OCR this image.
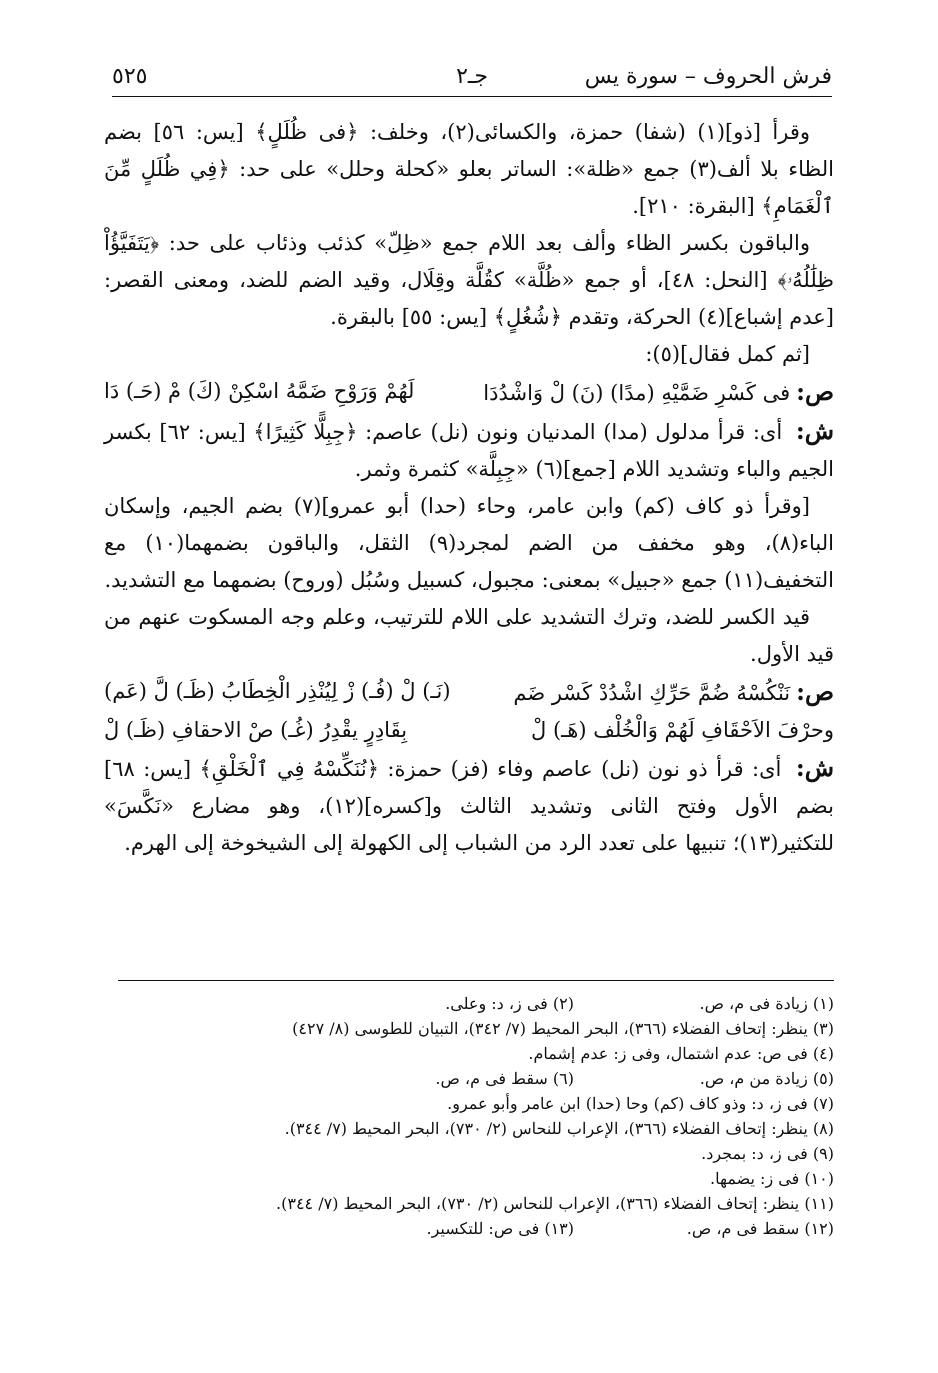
فرش الحروف – سورة يس
جـ٢
٥٢٥

وقرأ [ذو](١) (شفا) حمزة، والكسائى(٢)، وخلف: ﴿فى ظُلَلٍ﴾ [يس: ٥٦] بضم الظاء بلا ألف(٣) جمع «ظلة»: الساتر بعلو «كحلة وحلل» على حد: ﴿فِي ظُلَلٍ مِّنَ ٱلْغَمَامِ﴾ [البقرة: ٢١٠].

والباقون بكسر الظاء وألف بعد اللام جمع «ظِلّ» كذئب وذئاب على حد: ﴿يَتَفَيَّؤُاْ ظِلَٰلُهُۥ﴾ [النحل: ٤٨]، أو جمع «ظُلَّة» كقُلَّة وقِلَال، وقيد الضم للضد، ومعنى القصر: [عدم إشباع](٤) الحركة، وتقدم ﴿شُغُلٍ﴾ [يس: ٥٥] بالبقرة.

[ثم كمل فقال](٥):

ص:فى كَسْرِ ضَمَّيْهِ (مدًا) (نَ) لْ وَاشْدُدَا
لَهُمْ وَرَوْحِ ضَمَّهُ اسْكِنْ (كَ) مْ (حَـ) دَا

ش: أى: قرأ مدلول (مدا) المدنيان ونون (نل) عاصم: ﴿جِبِلًّا كَثِيرًا﴾ [يس: ٦٢] بكسر الجيم والباء وتشديد اللام [جمع](٦) «جِبِلَّة» كثمرة وثمر.

[وقرأ ذو كاف (كم) وابن عامر، وحاء (حدا) أبو عمرو](٧) بضم الجيم، وإسكان الباء(٨)، وهو مخفف من الضم لمجرد(٩) الثقل، والباقون بضمهما(١٠) مع التخفيف(١١) جمع «جبيل» بمعنى: مجبول، كسبيل وسُبُل (وروح) بضمهما مع التشديد.

قيد الكسر للضد، وترك التشديد على اللام للترتيب، وعلم وجه المسكوت عنهم من قيد الأول.

ص:نَنْكُسْهُ ضُمَّ حَرِّكِ اشْدُدْ كَسْر ضَم
(نَـ) لْ (فُـ) زْ لِيُنْذِر الْخِطَابُ (ظَـ) لَّ (عَم)
وحرْفَ الاَحْقَافِ لَهُمْ وَالْخُلْف (هَـ) لْ
بِقَادِرٍ يقْدِرُ (غُـ) صْ الاحقافِ (ظَـ) لْ

ش: أى: قرأ ذو نون (نل) عاصم وفاء (فز) حمزة: ﴿نُنَكِّسْهُ فِي ٱلْخَلْقِ﴾ [يس: ٦٨] بضم الأول وفتح الثانى وتشديد الثالث و[كسره](١٢)، وهو مضارع «نَكَّسَ» للتكثير(١٣)؛ تنبيها على تعدد الرد من الشباب إلى الكهولة إلى الشيخوخة إلى الهرم.

(١) زيادة فى م، ص.
(٢) فى ز، د: وعلى.
(٣) ينظر: إتحاف الفضلاء (٣٦٦)، البحر المحيط (٧/ ٣٤٢)، التبيان للطوسى (٨/ ٤٢٧)
(٤) فى ص: عدم اشتمال، وفى ز: عدم إشمام.
(٥) زيادة من م، ص.
(٦) سقط فى م، ص.
(٧) فى ز، د: وذو كاف (كم) وحا (حدا) ابن عامر وأبو عمرو.
(٨) ينظر: إتحاف الفضلاء (٣٦٦)، الإعراب للنحاس (٢/ ٧٣٠)، البحر المحيط (٧/ ٣٤٤).
(٩) فى ز، د: بمجرد.
(١٠) فى ز: يضمها.
(١١) ينظر: إتحاف الفضلاء (٣٦٦)، الإعراب للنحاس (٢/ ٧٣٠)، البحر المحيط (٧/ ٣٤٤).
(١٢) سقط فى م، ص.
(١٣) فى ص: للتكسير.
